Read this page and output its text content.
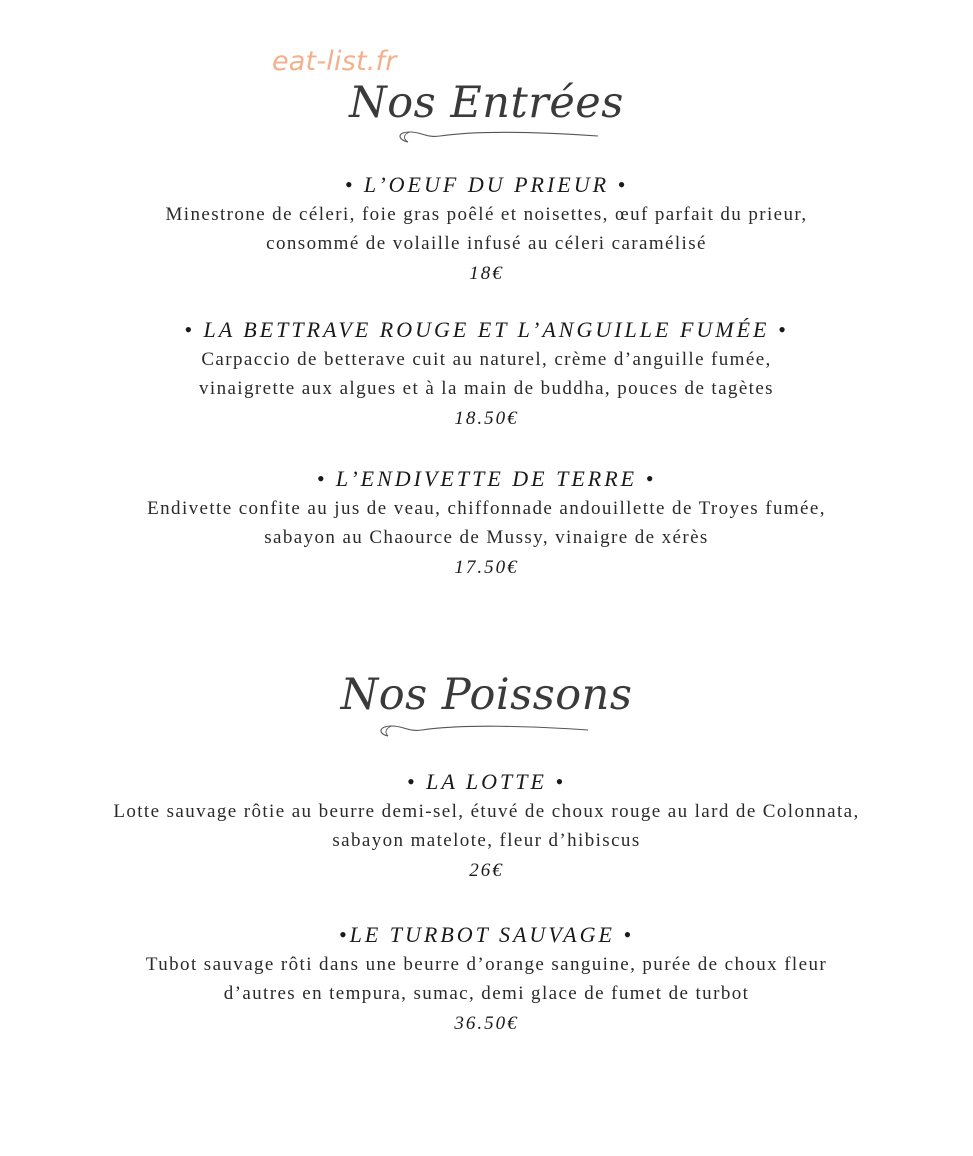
eat-list.fr
Nos Entrées
• L’OEUF DU PRIEUR •
Minestrone de céleri, foie gras poêlé et noisettes, œuf parfait du prieur,
consommé de volaille infusé au céleri caramélisé
18€
• LA BETTRAVE ROUGE ET L’ANGUILLE FUMÉE •
Carpaccio de betterave cuit au naturel, crème d’anguille fumée,
vinaigrette aux algues et à la main de buddha, pouces de tagètes
18.50€
• L’ENDIVETTE DE TERRE •
Endivette confite au jus de veau, chiffonnade andouillette de Troyes fumée,
sabayon au Chaource de Mussy, vinaigre de xérès
17.50€
Nos Poissons
• LA LOTTE •
Lotte sauvage rôtie au beurre demi-sel, étuvé de choux rouge au lard de Colonnata,
sabayon matelote, fleur d’hibiscus
26€
•LE TURBOT SAUVAGE •
Tubot sauvage rôti dans une beurre d’orange sanguine, purée de choux fleur
d’autres en tempura, sumac, demi glace de fumet de turbot
36.50€
